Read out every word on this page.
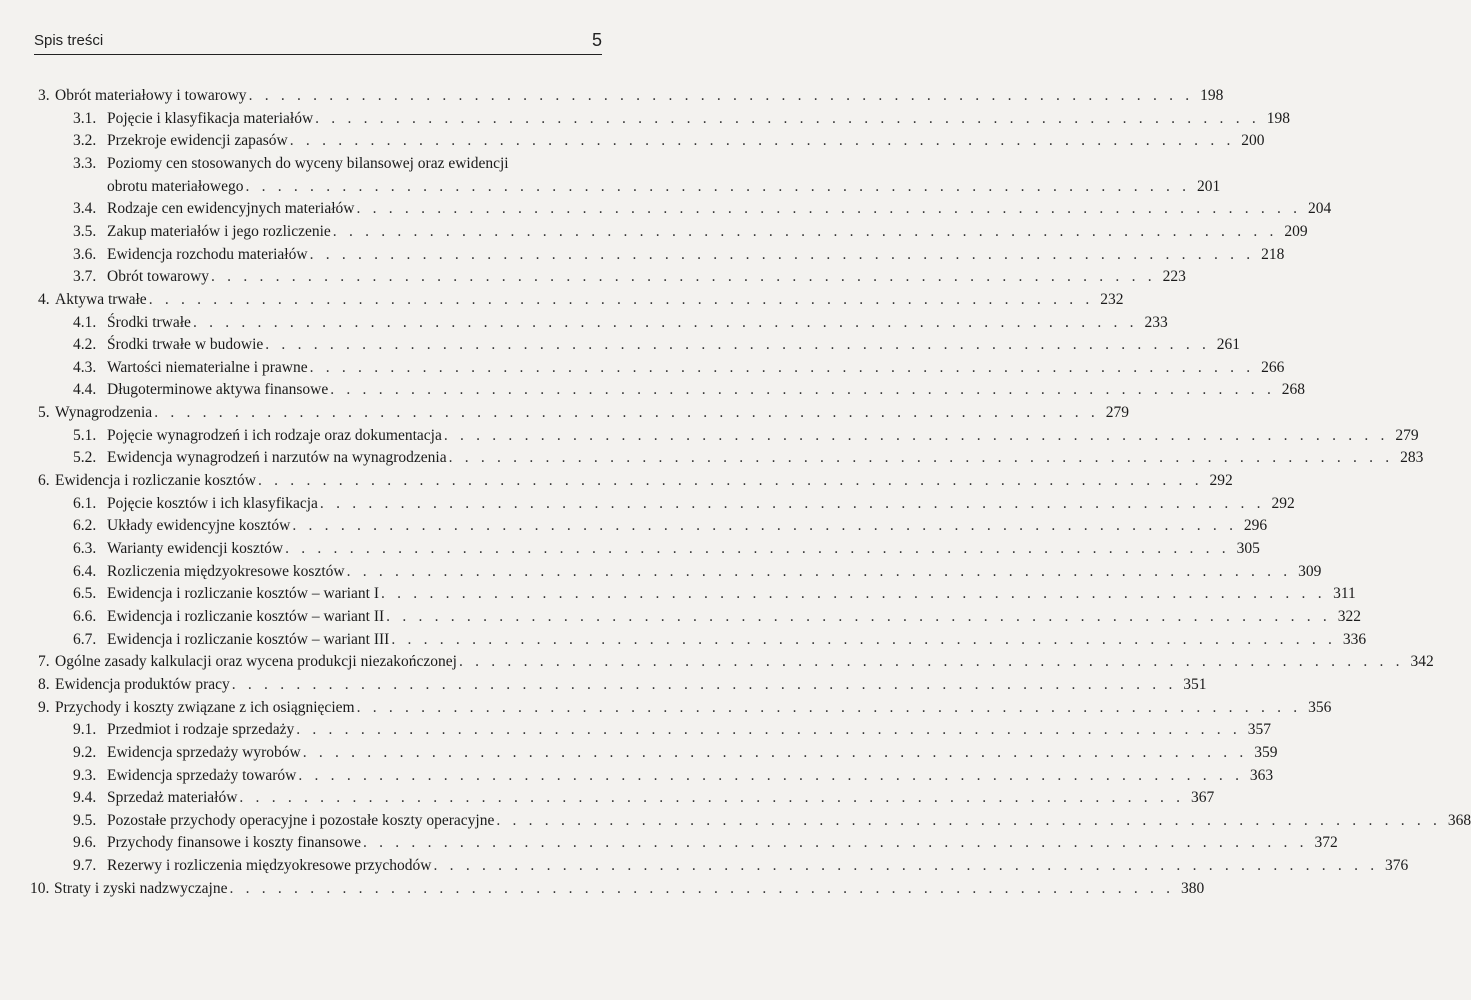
Spis treści	5
3. Obrót materiałowy i towarowy . . . . . . . . . . . . . . . . . . . . . . . . . . . . . . . . . . . . . . . . . . . . . . . . . . . . . . . . . . . 198
3.1. Pojęcie i klasyfikacja materiałów . . . . . . . . . . . . . . . . . . . . . . . . . . . . . . . . . . . . . . . . . . . . . . . . . . . . . . . . . . . 198
3.2. Przekroje ewidencji zapasów . . . . . . . . . . . . . . . . . . . . . . . . . . . . . . . . . . . . . . . . . . . . . . . . . . . . . . . . . . . 200
3.3. Poziomy cen stosowanych do wyceny bilansowej oraz ewidencji
obrotu materiałowego . . . . . . . . . . . . . . . . . . . . . . . . . . . . . . . . . . . . . . . . . . . . . . . . . . . . . . . . . . . 201
3.4. Rodzaje cen ewidencyjnych materiałów . . . . . . . . . . . . . . . . . . . . . . . . . . . . . . . . . . . . . . . . . . . . . . . . . . . . . . . . . . . 204
3.5. Zakup materiałów i jego rozliczenie . . . . . . . . . . . . . . . . . . . . . . . . . . . . . . . . . . . . . . . . . . . . . . . . . . . . . . . . . . . 209
3.6. Ewidencja rozchodu materiałów . . . . . . . . . . . . . . . . . . . . . . . . . . . . . . . . . . . . . . . . . . . . . . . . . . . . . . . . . . . 218
3.7. Obrót towarowy . . . . . . . . . . . . . . . . . . . . . . . . . . . . . . . . . . . . . . . . . . . . . . . . . . . . . . . . . . . 223
4. Aktywa trwałe . . . . . . . . . . . . . . . . . . . . . . . . . . . . . . . . . . . . . . . . . . . . . . . . . . . . . . . . . . . 232
4.1. Środki trwałe . . . . . . . . . . . . . . . . . . . . . . . . . . . . . . . . . . . . . . . . . . . . . . . . . . . . . . . . . . . 233
4.2. Środki trwałe w budowie . . . . . . . . . . . . . . . . . . . . . . . . . . . . . . . . . . . . . . . . . . . . . . . . . . . . . . . . . . . 261
4.3. Wartości niematerialne i prawne . . . . . . . . . . . . . . . . . . . . . . . . . . . . . . . . . . . . . . . . . . . . . . . . . . . . . . . . . . . 266
4.4. Długoterminowe aktywa finansowe . . . . . . . . . . . . . . . . . . . . . . . . . . . . . . . . . . . . . . . . . . . . . . . . . . . . . . . . . . . 268
5. Wynagrodzenia . . . . . . . . . . . . . . . . . . . . . . . . . . . . . . . . . . . . . . . . . . . . . . . . . . . . . . . . . . . 279
5.1. Pojęcie wynagrodzeń i ich rodzaje oraz dokumentacja . . . . . . . . . . . . . . . . . . . . . . . . . . . . . . . . . . . . . . . . . . . . . . . . . . . . . . . . . . . 279
5.2. Ewidencja wynagrodzeń i narzutów na wynagrodzenia . . . . . . . . . . . . . . . . . . . . . . . . . . . . . . . . . . . . . . . . . . . . . . . . . . . . . . . . . . . 283
6. Ewidencja i rozliczanie kosztów . . . . . . . . . . . . . . . . . . . . . . . . . . . . . . . . . . . . . . . . . . . . . . . . . . . . . . . . . . . 292
6.1. Pojęcie kosztów i ich klasyfikacja . . . . . . . . . . . . . . . . . . . . . . . . . . . . . . . . . . . . . . . . . . . . . . . . . . . . . . . . . . . 292
6.2. Układy ewidencyjne kosztów . . . . . . . . . . . . . . . . . . . . . . . . . . . . . . . . . . . . . . . . . . . . . . . . . . . . . . . . . . . 296
6.3. Warianty ewidencji kosztów . . . . . . . . . . . . . . . . . . . . . . . . . . . . . . . . . . . . . . . . . . . . . . . . . . . . . . . . . . . 305
6.4. Rozliczenia międzyokresowe kosztów . . . . . . . . . . . . . . . . . . . . . . . . . . . . . . . . . . . . . . . . . . . . . . . . . . . . . . . . . . . 309
6.5. Ewidencja i rozliczanie kosztów – wariant I . . . . . . . . . . . . . . . . . . . . . . . . . . . . . . . . . . . . . . . . . . . . . . . . . . . . . . . . . . . 311
6.6. Ewidencja i rozliczanie kosztów – wariant II . . . . . . . . . . . . . . . . . . . . . . . . . . . . . . . . . . . . . . . . . . . . . . . . . . . . . . . . . . . 322
6.7. Ewidencja i rozliczanie kosztów – wariant III . . . . . . . . . . . . . . . . . . . . . . . . . . . . . . . . . . . . . . . . . . . . . . . . . . . . . . . . . . . 336
7. Ogólne zasady kalkulacji oraz wycena produkcji niezakończonej . . . . . . . . . . . . . . . . . . . . . . . . . . . . . . . . . . . . . . . . . . . . . . . . . . . . . . . . . . . 342
8. Ewidencja produktów pracy . . . . . . . . . . . . . . . . . . . . . . . . . . . . . . . . . . . . . . . . . . . . . . . . . . . . . . . . . . . 351
9. Przychody i koszty związane z ich osiągnięciem . . . . . . . . . . . . . . . . . . . . . . . . . . . . . . . . . . . . . . . . . . . . . . . . . . . . . . . . . . . 356
9.1. Przedmiot i rodzaje sprzedaży . . . . . . . . . . . . . . . . . . . . . . . . . . . . . . . . . . . . . . . . . . . . . . . . . . . . . . . . . . . 357
9.2. Ewidencja sprzedaży wyrobów . . . . . . . . . . . . . . . . . . . . . . . . . . . . . . . . . . . . . . . . . . . . . . . . . . . . . . . . . . . 359
9.3. Ewidencja sprzedaży towarów . . . . . . . . . . . . . . . . . . . . . . . . . . . . . . . . . . . . . . . . . . . . . . . . . . . . . . . . . . . 363
9.4. Sprzedaż materiałów . . . . . . . . . . . . . . . . . . . . . . . . . . . . . . . . . . . . . . . . . . . . . . . . . . . . . . . . . . . 367
9.5. Pozostałe przychody operacyjne i pozostałe koszty operacyjne . . . . . . . . . . . . . . . . . . . . . . . . . . . . . . . . . . . . . . . . . . . . . . . . . . . . . . . . . . . 368
9.6. Przychody finansowe i koszty finansowe . . . . . . . . . . . . . . . . . . . . . . . . . . . . . . . . . . . . . . . . . . . . . . . . . . . . . . . . . . . 372
9.7. Rezerwy i rozliczenia międzyokresowe przychodów . . . . . . . . . . . . . . . . . . . . . . . . . . . . . . . . . . . . . . . . . . . . . . . . . . . . . . . . . . . 376
10. Straty i zyski nadzwyczajne . . . . . . . . . . . . . . . . . . . . . . . . . . . . . . . . . . . . . . . . . . . . . . . . . . . . . . . . . . . 380
